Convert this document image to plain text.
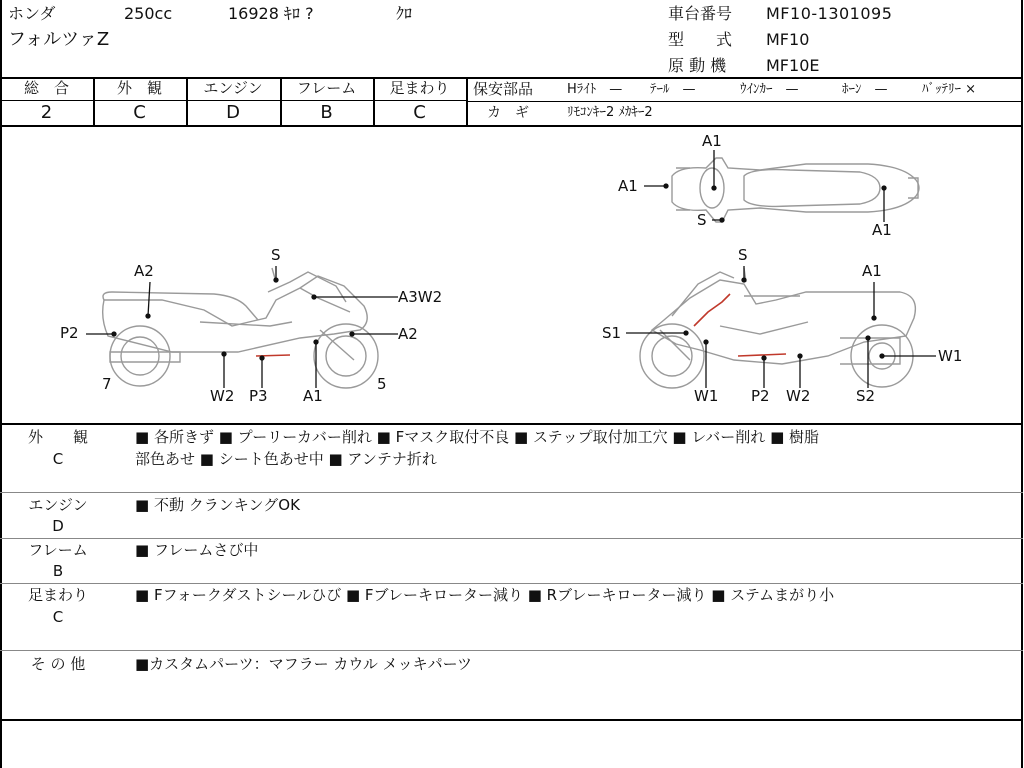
ホンダ	250cc	16928 ｷﾛ ?	ｸﾛ
フォルツァZ
車台番号 MF10-1301095
型　　式 MF10
原 動 機 MF10E
総　合
2
外　観
C
エンジン
D
フレーム
B
足まわり
C
保安部品	Hﾗｲﾄ　— ﾃｰﾙ　—	ｳｲﾝｶｰ　—	ﾎｰﾝ　—	ﾊﾞｯﾃﾘｰ ×
カ　ギ	ﾘﾓｺﾝｷｰ2 ﾒｶｷｰ2
A2
P2
S
A3W2
A2
7	5
W2 P3 A1
S
A1
S1
W1
W1 P2 W2	S2
A1
A1
S
A1
外　　観
C
■ 各所きず ■ プーリーカバー削れ ■ Fマスク取付不良 ■ ステップ取付加工穴 ■ レバー削れ ■ 樹脂
部色あせ ■ シート色あせ中 ■ アンテナ折れ
エンジン
D
■ 不動 クランキングOK
フレーム
B
■ フレームさび中
足まわり
C
■ Fフォークダストシールひび ■ Fブレーキローター減り ■ Rブレーキローター減り ■ ステムまがり小
そ の 他	■カスタムパーツ：マフラー カウル メッキパーツ
